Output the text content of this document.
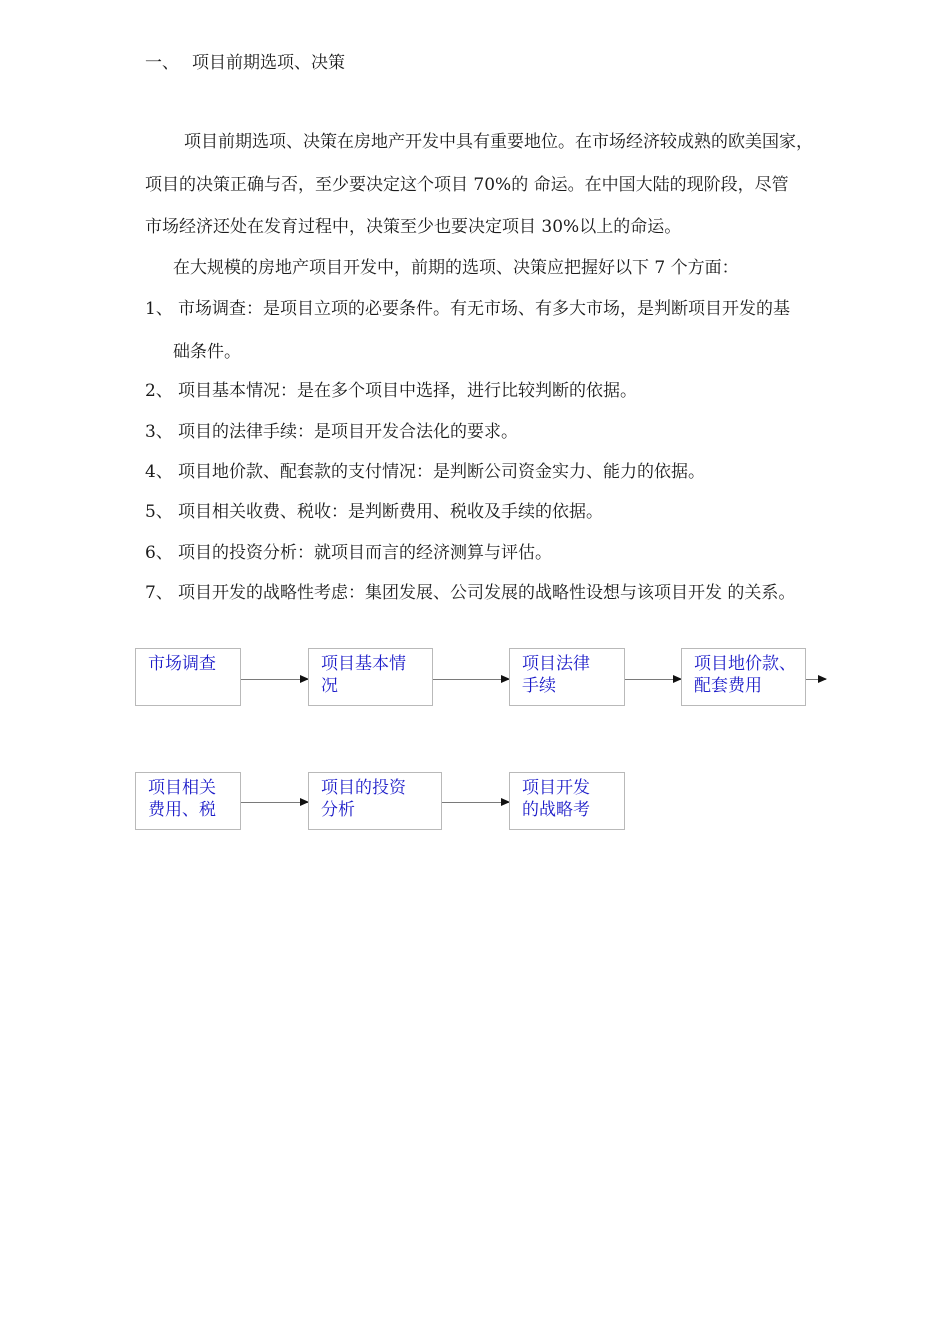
一、 项目前期选项、决策
项目前期选项、决策在房地产开发中具有重要地位。在市场经济较成熟的欧美国家，
项目的决策正确与否，至少要决定这个项目 70%的 命运。在中国大陆的现阶段，尽管
市场经济还处在发育过程中，决策至少也要决定项目 30%以上的命运。
在大规模的房地产项目开发中，前期的选项、决策应把握好以下 7 个方面：
1、 市场调查：是项目立项的必要条件。有无市场、有多大市场，是判断项目开发的基
础条件。
2、 项目基本情况：是在多个项目中选择，进行比较判断的依据。
3、 项目的法律手续：是项目开发合法化的要求。
4、 项目地价款、配套款的支付情况：是判断公司资金实力、能力的依据。
5、 项目相关收费、税收：是判断费用、税收及手续的依据。
6、 项目的投资分析：就项目而言的经济测算与评估。
7、 项目开发的战略性考虑：集团发展、公司发展的战略性设想与该项目开发 的关系。
市场调查	项目基本情
况
项目法律
手续
项目地价款、
配套费用
项目相关
费用、税
项目的投资
分析
项目开发
的战略考
